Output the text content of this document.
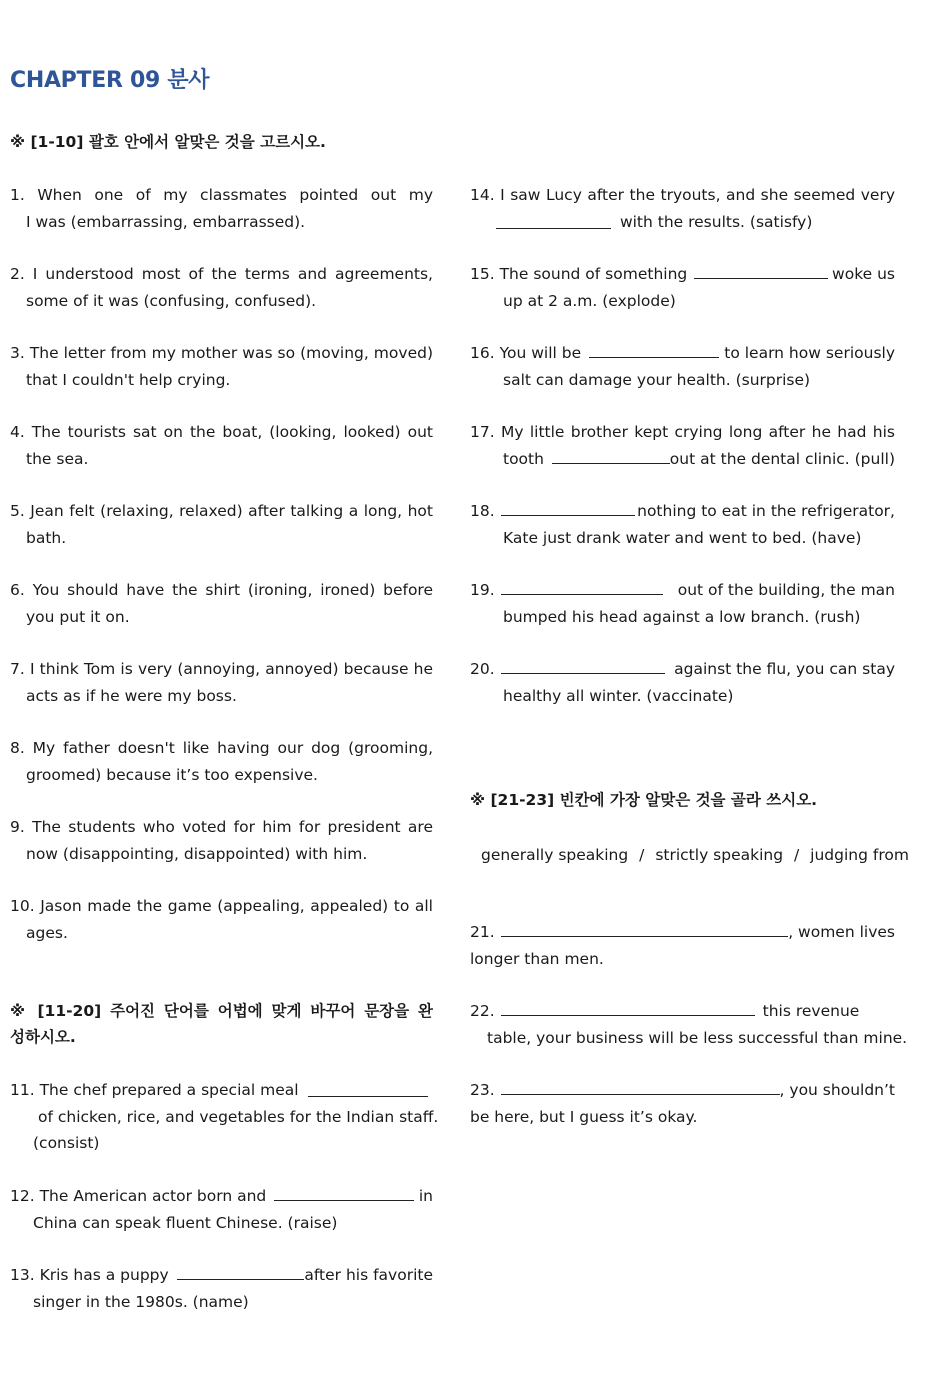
CHAPTER 09 분사
※ [1-10] 괄호 안에서 알맞은 것을 고르시오.
1. When one of my classmates pointed out my
I was (embarrassing, embarrassed).
2. I understood most of the terms and agreements,
some of it was (confusing, confused).
3. The letter from my mother was so (moving, moved)
that I couldn't help crying.
4. The tourists sat on the boat, (looking, looked) out
the sea.
5. Jean felt (relaxing, relaxed) after talking a long, hot
bath.
6. You should have the shirt (ironing, ironed) before
you put it on.
7. I think Tom is very (annoying, annoyed) because he
acts as if he were my boss.
8. My father doesn't like having our dog (grooming,
groomed) because it’s too expensive.
9. The students who voted for him for president are
now (disappointing, disappointed) with him.
10. Jason made the game (appealing, appealed) to all
ages.
※ [11-20] 주어진 단어를 어법에 맞게 바꾸어 문장을 완
성하시오.
11. The chef prepared a special meal
of chicken, rice, and vegetables for the Indian staff.
(consist)
12. The American actor born and	in
China can speak fluent Chinese. (raise)
13. Kris has a puppy	after his favorite
singer in the 1980s. (name)
14. I saw Lucy after the tryouts, and she seemed very
with the results. (satisfy)
15. The sound of something	woke us
up at 2 a.m. (explode)
16. You will be	to learn how seriously
salt can damage your health. (surprise)
17. My little brother kept crying long after he had his
tooth	out at the dental clinic. (pull)
18.	nothing to eat in the refrigerator,
Kate just drank water and went to bed. (have)
19.	out of the building, the man
bumped his head against a low branch. (rush)
20.	against the flu, you can stay
healthy all winter. (vaccinate)
※ [21-23] 빈칸에 가장 알맞은 것을 골라 쓰시오.
generally speaking / strictly speaking / judging from
21.	, women lives
longer than men.
22.	this revenue
table, your business will be less successful than mine.
23.	, you shouldn’t
be here, but I guess it’s okay.
